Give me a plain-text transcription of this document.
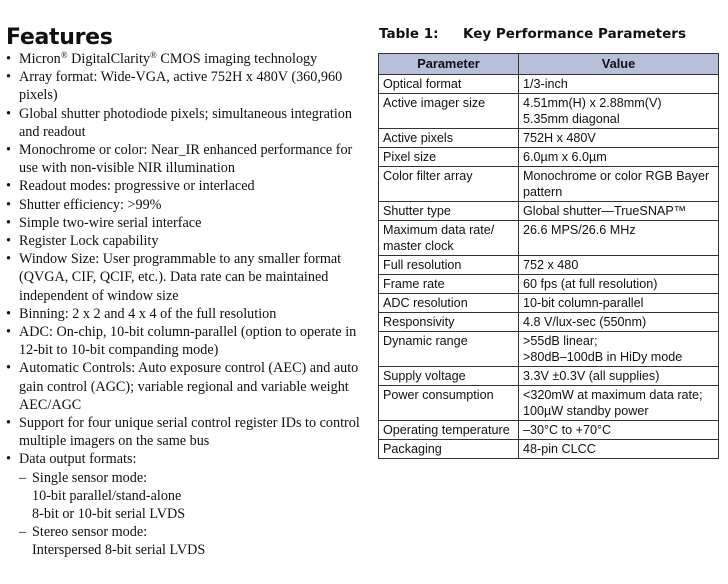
Features
• Micron® DigitalClarity® CMOS imaging technology
• Array format: Wide-VGA, active 752H x 480V (360,960 pixels)
• Global shutter photodiode pixels; simultaneous integration and readout
• Monochrome or color: Near_IR enhanced performance for use with non-visible NIR illumination
• Readout modes: progressive or interlaced
• Shutter efficiency: >99%
• Simple two-wire serial interface
• Register Lock capability
• Window Size: User programmable to any smaller format (QVGA, CIF, QCIF, etc.). Data rate can be maintained independent of window size
• Binning: 2 x 2 and 4 x 4 of the full resolution
• ADC: On-chip, 10-bit column-parallel (option to operate in 12-bit to 10-bit companding mode)
• Automatic Controls: Auto exposure control (AEC) and auto gain control (AGC); variable regional and variable weight AEC/AGC
• Support for four unique serial control register IDs to control multiple imagers on the same bus
• Data output formats:
– Single sensor mode:
10-bit parallel/stand-alone
8-bit or 10-bit serial LVDS
– Stereo sensor mode:
Interspersed 8-bit serial LVDS
Table 1: Key Performance Parameters
Parameter	Value
Optical format	1/3-inch
Active imager size	4.51mm(H) x 2.88mm(V)
5.35mm diagonal
Active pixels	752H x 480V
Pixel size	6.0µm x 6.0µm
Color filter array	Monochrome or color RGB Bayer pattern
Shutter type	Global shutter—TrueSNAP™
Maximum data rate/ master clock	26.6 MPS/26.6 MHz
Full resolution	752 x 480
Frame rate	60 fps (at full resolution)
ADC resolution	10-bit column-parallel
Responsivity	4.8 V/lux-sec (550nm)
Dynamic range	>55dB linear;
>80dB–100dB in HiDy mode
Supply voltage	3.3V ±0.3V (all supplies)
Power consumption	<320mW at maximum data rate; 100µW standby power
Operating temperature	–30°C to +70°C
Packaging	48-pin CLCC
